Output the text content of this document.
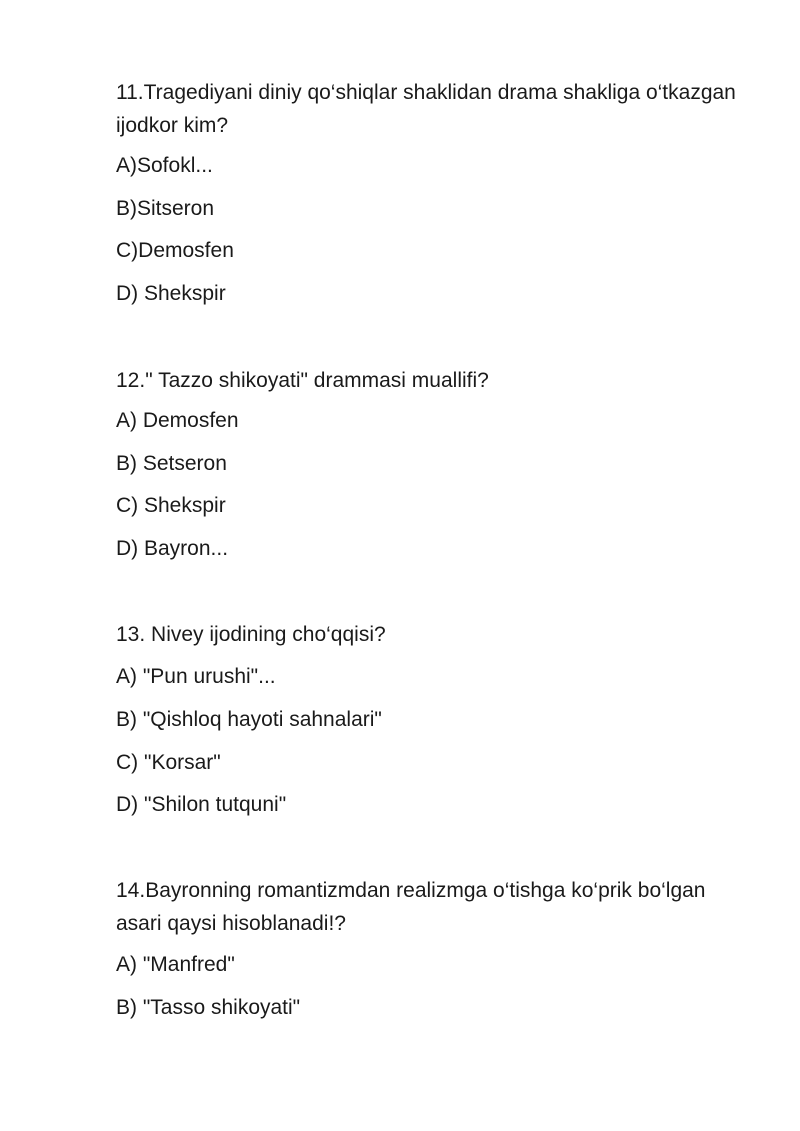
11.Tragediyani diniy qo‘shiqlar shaklidan drama shakliga o‘tkazgan ijodkor kim?

A)Sofokl...

B)Sitseron

C)Demosfen

D) Shekspir

12." Tazzo shikoyati" drammasi muallifi?

A) Demosfen

B) Setseron

C) Shekspir

D) Bayron...

13. Nivey ijodining cho‘qqisi?

A) "Pun urushi"...

B) "Qishloq hayoti sahnalari"

C) "Korsar"

D) "Shilon tutquni"

14.Bayronning romantizmdan realizmga o‘tishga ko‘prik bo‘lgan asari qaysi hisoblanadi!?

A) "Manfred"

B) "Tasso shikoyati"
